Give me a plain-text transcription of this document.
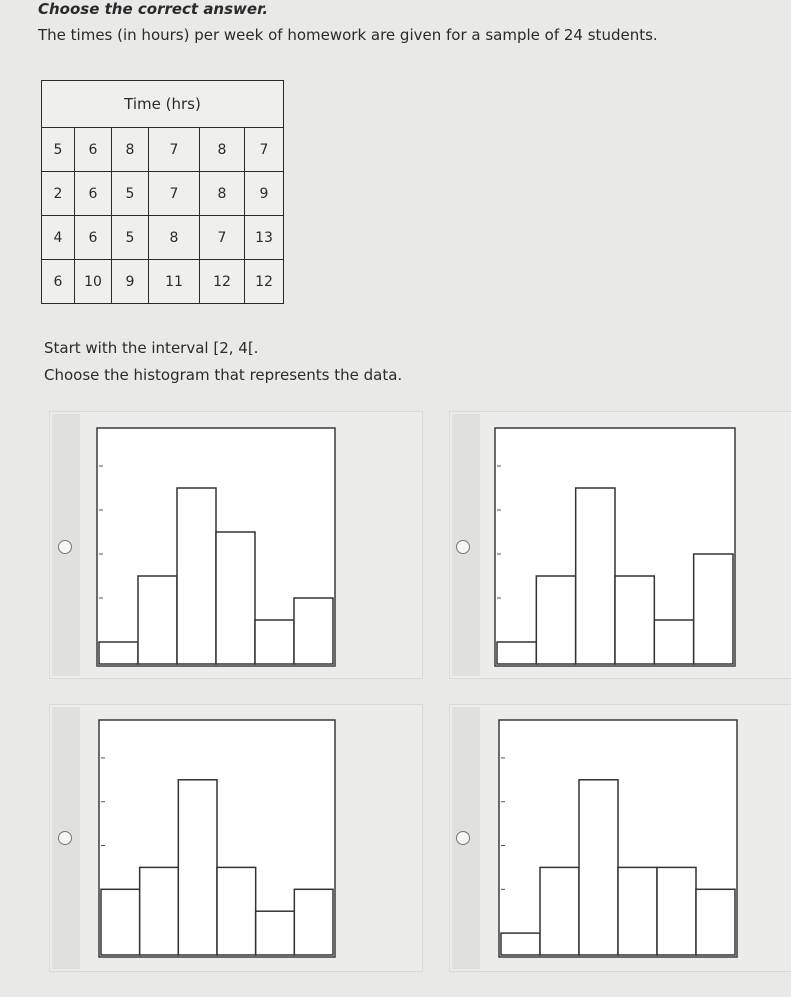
Choose the correct answer.
The times (in hours) per week of homework are given for a sample of 24 students.
Time (hrs)					
5	6	8	7	8	7
2	6	5	7	8	9
4	6	5	8	7	13
6	10	9	11	12	12
Start with the interval [2, 4[.
Choose the histogram that represents the data.
